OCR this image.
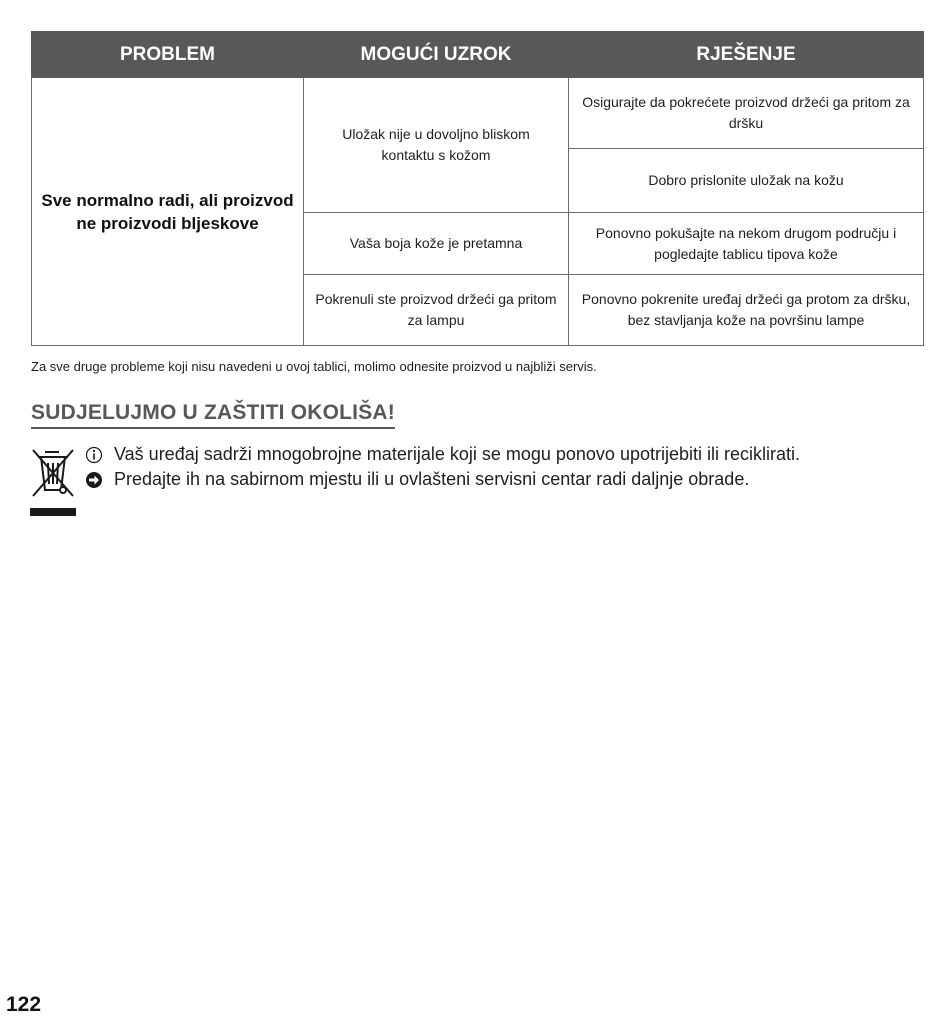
PROBLEM	MOGUĆI UZROK	RJEŠENJE
Sve normalno radi, ali proizvod ne proizvodi bljeskove	Uložak nije u dovoljno bliskom kontaktu s kožom	Osigurajte da pokrećete proizvod držeći ga pritom za dršku
		Dobro prislonite uložak na kožu
	Vaša boja kože je pretamna	Ponovno pokušajte na nekom drugom području i pogledajte tablicu tipova kože
	Pokrenuli ste proizvod držeći ga pritom za lampu	Ponovno pokrenite uređaj držeći ga protom za dršku, bez stavljanja kože na površinu lampe

Za sve druge probleme koji nisu navedeni u ovoj tablici, molimo odnesite proizvod u najbliži servis.

SUDJELUJMO U ZAŠTITI OKOLIŠA!
Vaš uređaj sadrži mnogobrojne materijale koji se mogu ponovo upotrijebiti ili reciklirati.
Predajte ih na sabirnom mjestu ili u ovlašteni servisni centar radi daljnje obrade.
122
